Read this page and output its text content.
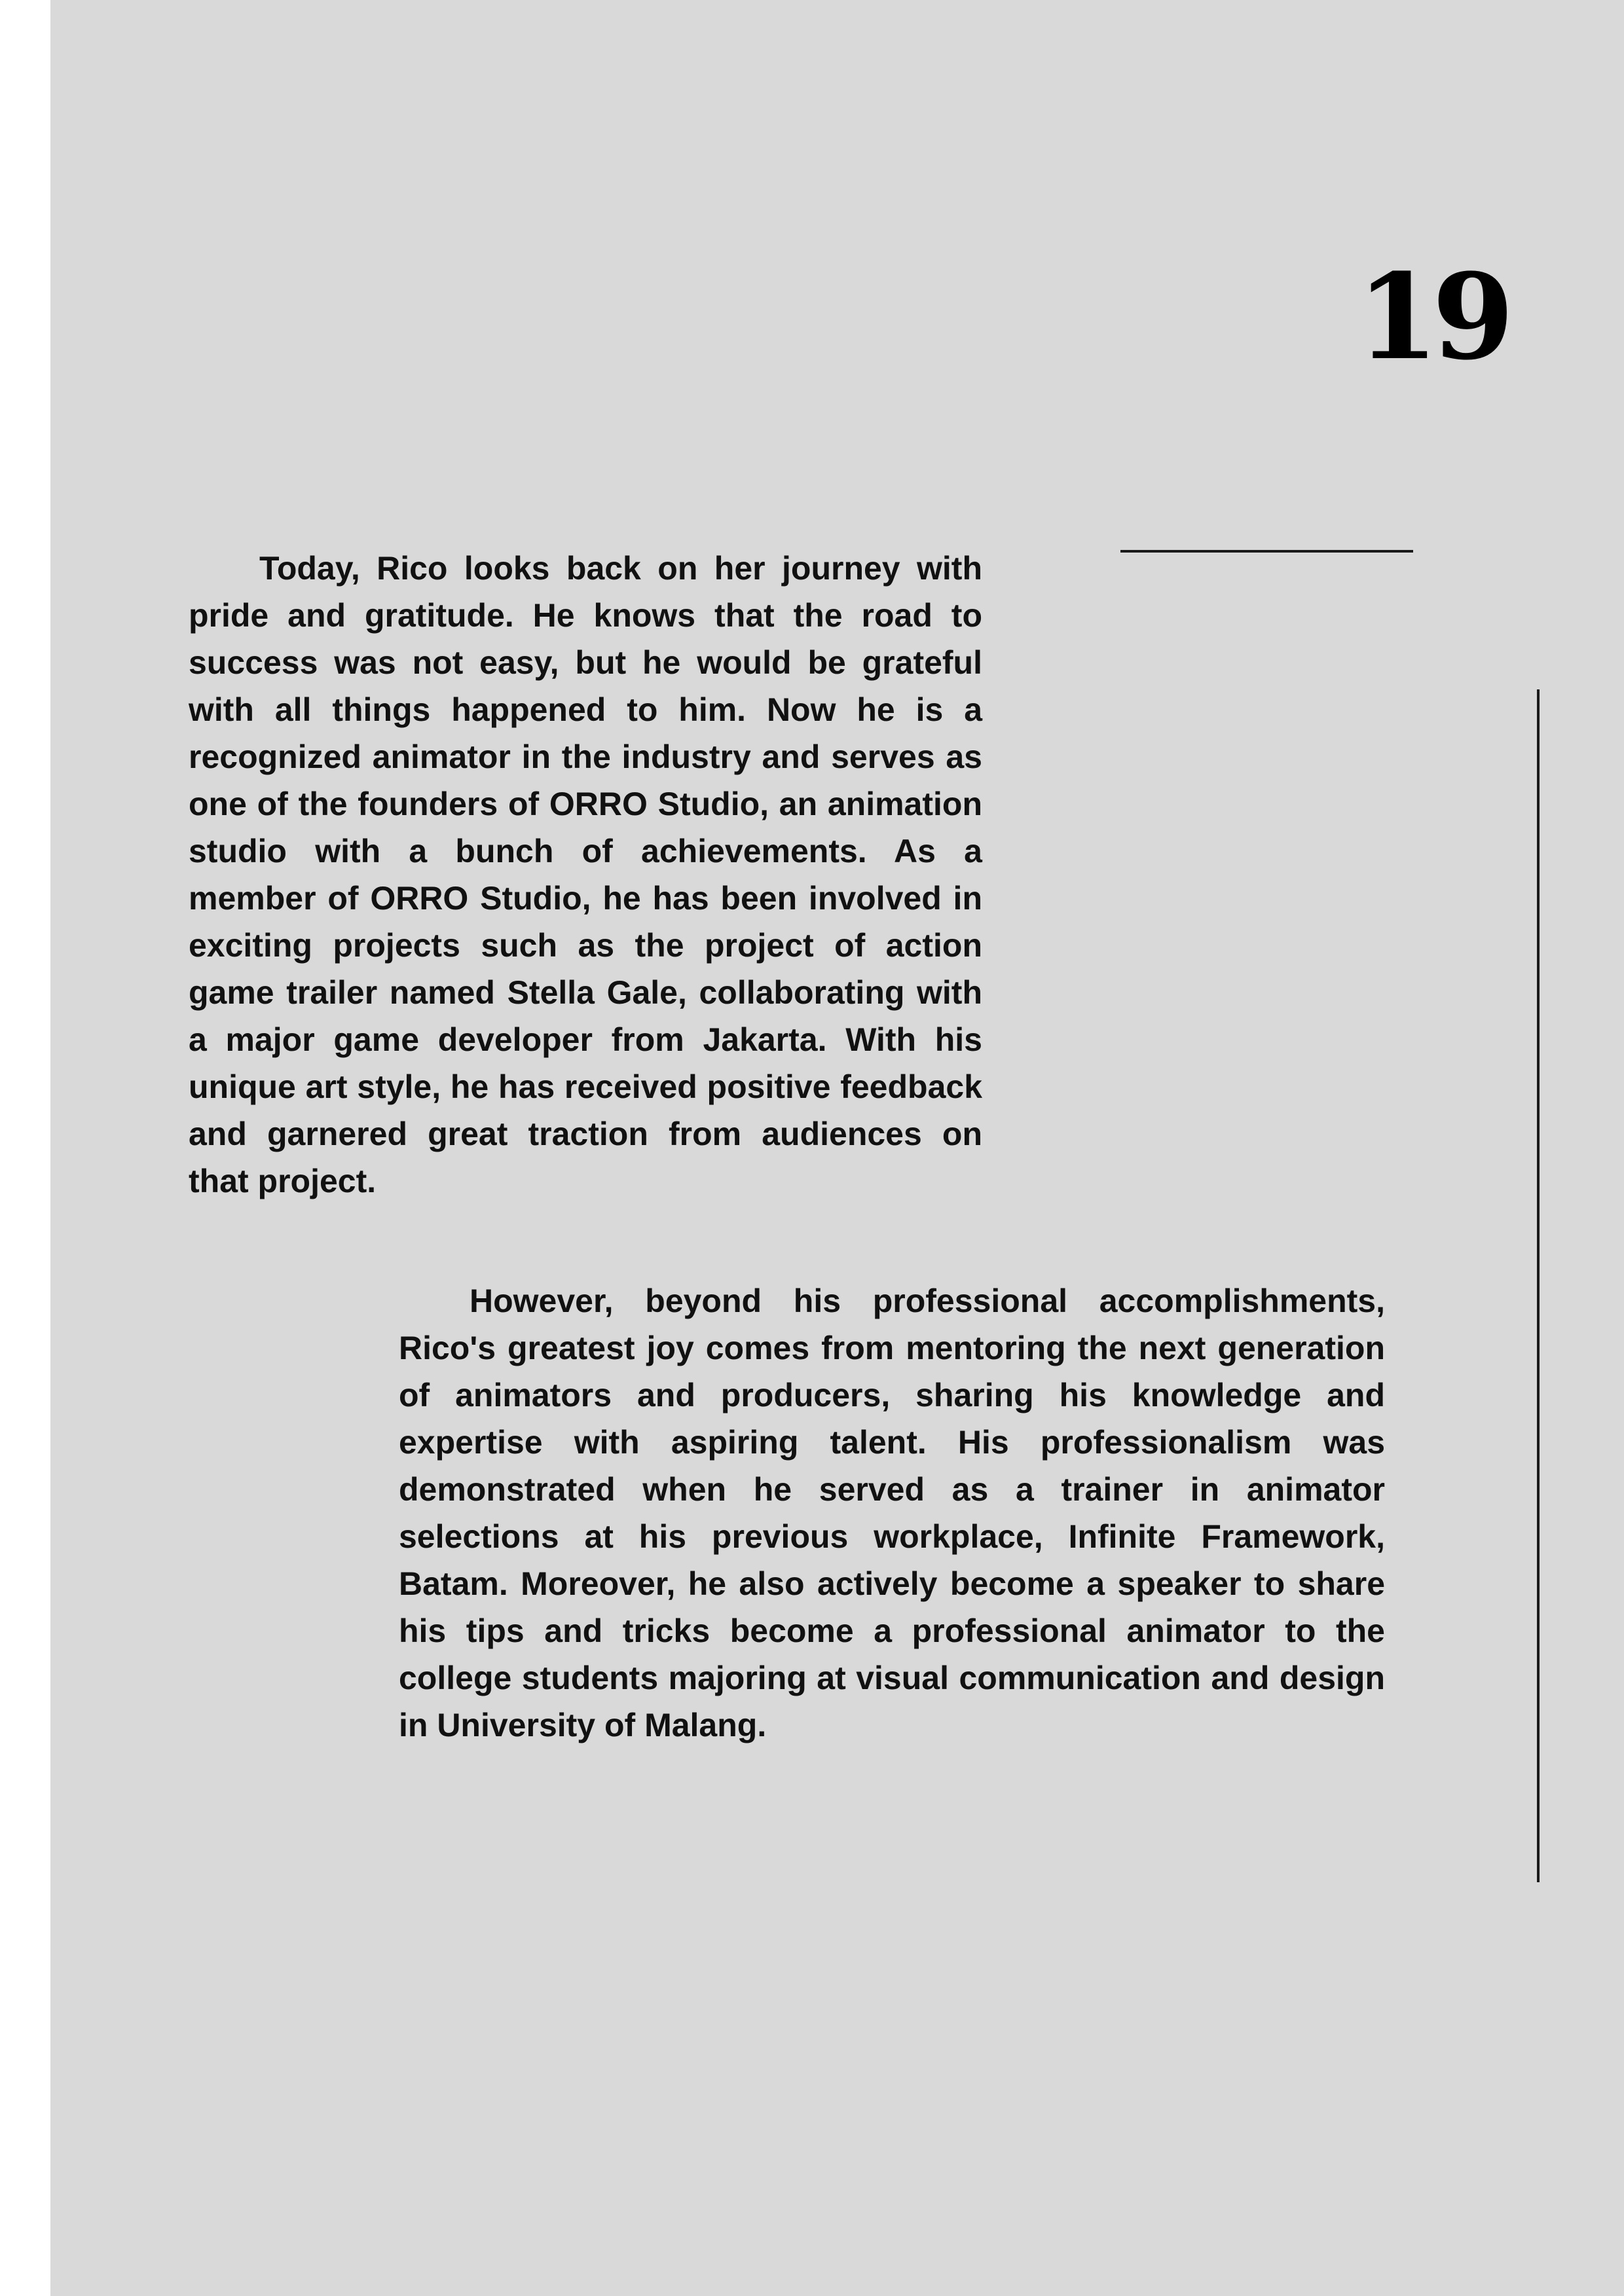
19

Today, Rico looks back on her journey with pride and gratitude. He knows that the road to success was not easy, but he would be grateful with all things happened to him. Now he is a recognized animator in the industry and serves as one of the founders of ORRO Studio, an animation studio with a bunch of achievements. As a member of ORRO Studio, he has been involved in exciting projects such as the project of action game trailer named Stella Gale, collaborating with a major game developer from Jakarta. With his unique art style, he has received positive feedback and garnered great traction from audiences on that project.

However, beyond his professional accomplishments, Rico's greatest joy comes from mentoring the next generation of animators and producers, sharing his knowledge and expertise with aspiring talent. His professionalism was demonstrated when he served as a trainer in animator selections at his previous workplace, Infinite Framework, Batam. Moreover, he also actively become a speaker to share his tips and tricks become a professional animator to the college students majoring at visual communication and design in University of Malang.
